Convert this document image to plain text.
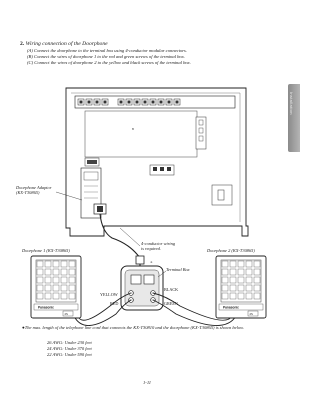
2. Wiring connection of the Doorphone
(A) Connect the doorphone to the terminal box using 4-conductor modular connectors.
(B) Connect the wires of doorphone 1 to the red and green screws of the terminal box.
(C) Connect the wires of doorphone 2 to the yellow and black screws of the terminal box.
Installation
B
➔
Panasonic
2S
Panasonic
2S
Doorphone Adaptor
(KX-T30865)
4-conductor wiring
is required.
Terminal Box
Doorphone 1 (KX-T30865)	Doorphone 2 (KX-T30865)
YELLOW
RED
BLACK
GREEN
●The max. length of the telephone line cord that connects the KX-T30810 and the doorphone (KX-T30865) is shown below.
26 AWG: Under 230 feet
24 AWG: Under 370 feet
22 AWG: Under 590 feet
1-11
